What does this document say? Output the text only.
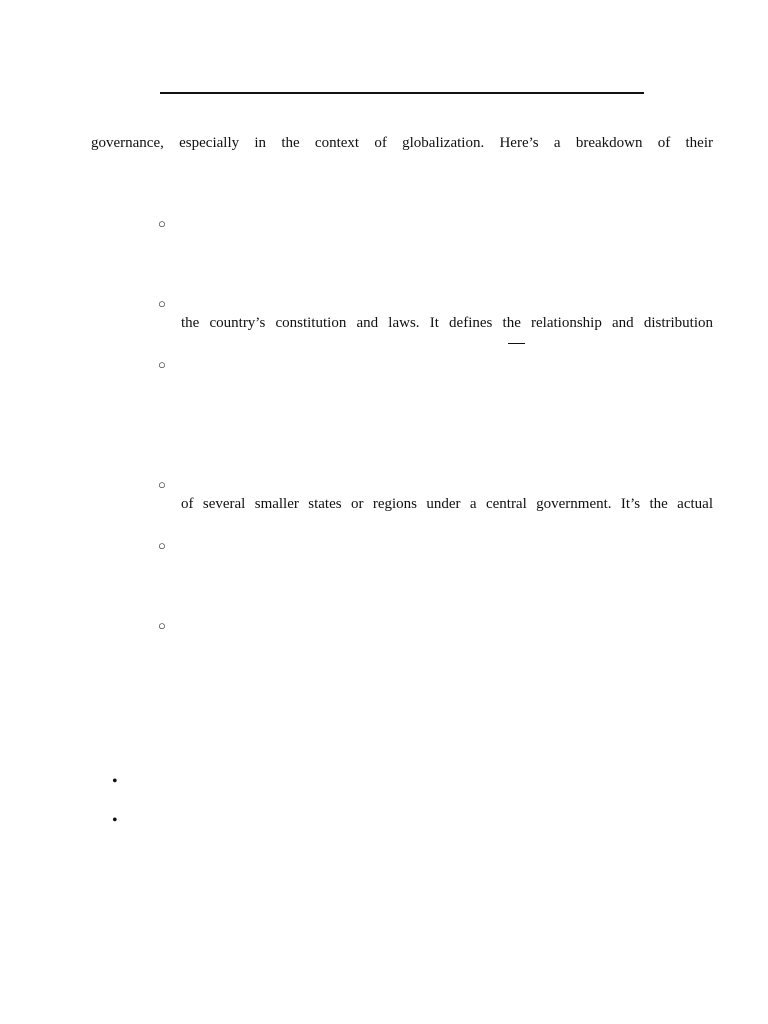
governance, especially in the context of globalization. Here’s a breakdown of their
○
○
the country’s constitution and laws. It defines the relationship and distribution
○
○
of several smaller states or regions under a central government. It’s the actual
○
○
•
•
